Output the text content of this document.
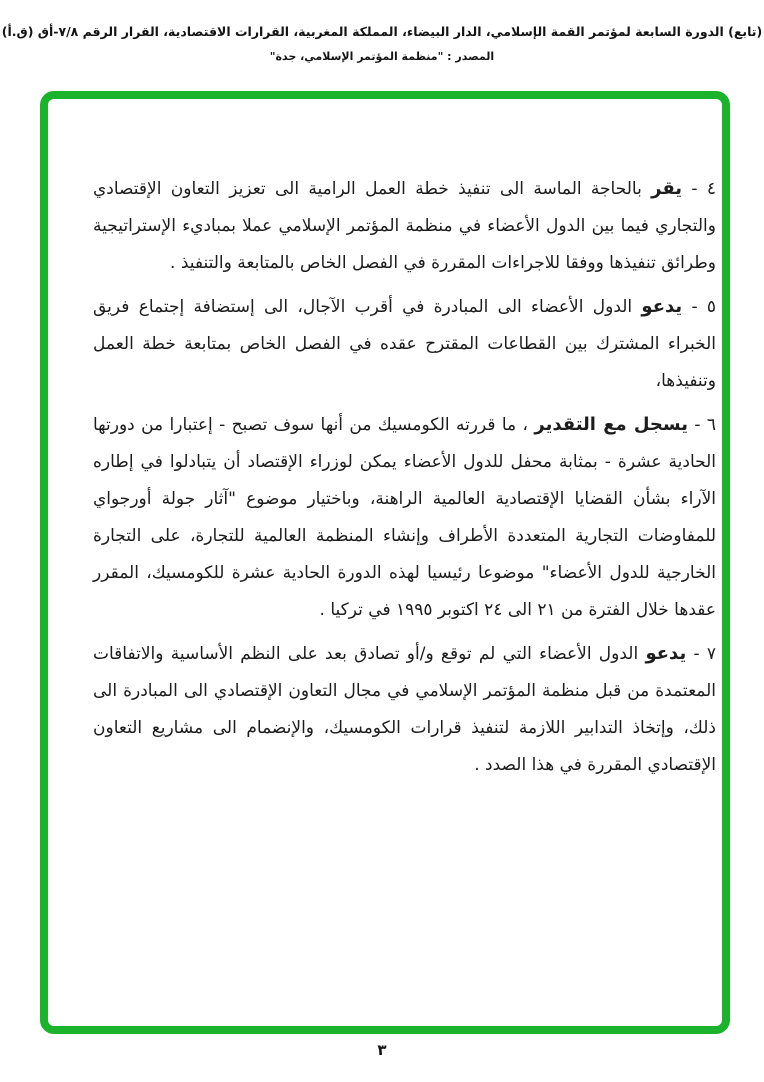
(تابع) الدورة السابعة لمؤتمر القمة الإسلامي، الدار البيضاء، المملكة المغربية، القرارات الاقتصادية، القرار الرقم ٧/٨-أق (ق.أ)
المصدر : "منظمة المؤتمر الإسلامي، جدة"

٤ - يقر بالحاجة الماسة الى تنفيذ خطة العمل الرامية الى تعزيز التعاون الإقتصادي والتجاري فيما بين الدول الأعضاء في منظمة المؤتمر الإسلامي عملا بمباديء الإستراتيجية وطرائق تنفيذها ووفقا للاجراءات المقررة في الفصل الخاص بالمتابعة والتنفيذ .

٥ - يدعو الدول الأعضاء الى المبادرة في أقرب الآجال، الى إستضافة إجتماع فريق الخبراء المشترك بين القطاعات المقترح عقده في الفصل الخاص بمتابعة خطة العمل وتنفيذها،

٦ - يسجل مع التقدير ، ما قررته الكومسيك من أنها سوف تصبح - إعتبارا من دورتها الحادية عشرة - بمثابة محفل للدول الأعضاء يمكن لوزراء الإقتصاد أن يتبادلوا في إطاره الآراء بشأن القضايا الإقتصادية العالمية الراهنة، وباختيار موضوع "آثار جولة أورجواي للمفاوضات التجارية المتعددة الأطراف وإنشاء المنظمة العالمية للتجارة، على التجارة الخارجية للدول الأعضاء" موضوعا رئيسيا لهذه الدورة الحادية عشرة للكومسيك، المقرر عقدها خلال الفترة من ٢١ الى ٢٤ اكتوبر ١٩٩٥ في تركيا .

٧ - يدعو الدول الأعضاء التي لم توقع و/أو تصادق بعد على النظم الأساسية والاتفاقات المعتمدة من قبل منظمة المؤتمر الإسلامي في مجال التعاون الإقتصادي الى المبادرة الى ذلك، وإتخاذ التدابير اللازمة لتنفيذ قرارات الكومسيك، والإنضمام الى مشاريع التعاون الإقتصادي المقررة في هذا الصدد .

٣
